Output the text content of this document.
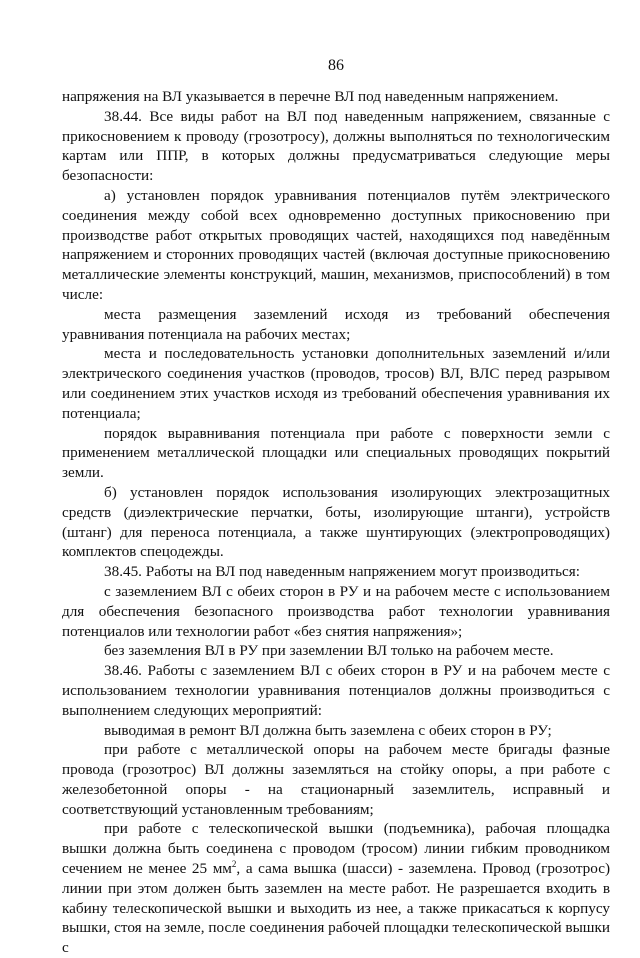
86

напряжения на ВЛ указывается в перечне ВЛ под наведенным напряжением.

38.44. Все виды работ на ВЛ под наведенным напряжением, связанные с прикосновением к проводу (грозотросу), должны выполняться по технологическим картам или ППР, в которых должны предусматриваться следующие меры безопасности:

а) установлен порядок уравнивания потенциалов путём электрического соединения между собой всех одновременно доступных прикосновению при производстве работ открытых проводящих частей, находящихся под наведённым напряжением и сторонних проводящих частей (включая доступные прикосновению металлические элементы конструкций, машин, механизмов, приспособлений) в том числе:

места размещения заземлений исходя из требований обеспечения уравнивания потенциала на рабочих местах;

места и последовательность установки дополнительных заземлений и/или электрического соединения участков (проводов, тросов) ВЛ, ВЛС перед разрывом или соединением этих участков исходя из требований обеспечения уравнивания их потенциала;

порядок выравнивания потенциала при работе с поверхности земли с применением металлической площадки или специальных проводящих покрытий земли.

б) установлен порядок использования изолирующих электрозащитных средств (диэлектрические перчатки, боты, изолирующие штанги), устройств (штанг) для переноса потенциала, а также шунтирующих (электропроводящих) комплектов спецодежды.

38.45. Работы на ВЛ под наведенным напряжением могут производиться:

с заземлением ВЛ с обеих сторон в РУ и на рабочем месте с использованием для обеспечения безопасного производства работ технологии уравнивания потенциалов или технологии работ «без снятия напряжения»;

без заземления ВЛ в РУ при заземлении ВЛ только на рабочем месте.

38.46. Работы с заземлением ВЛ с обеих сторон в РУ и на рабочем месте с использованием технологии уравнивания потенциалов должны производиться с выполнением следующих мероприятий:

выводимая в ремонт ВЛ должна быть заземлена с обеих сторон в РУ;

при работе с металлической опоры на рабочем месте бригады фазные провода (грозотрос) ВЛ должны заземляться на стойку опоры, а при работе с железобетонной опоры - на стационарный заземлитель, исправный и соответствующий установленным требованиям;

при работе с телескопической вышки (подъемника), рабочая площадка вышки должна быть соединена с проводом (тросом) линии гибким проводником сечением не менее 25 $мм^2$, а сама вышка (шасси) - заземлена. Провод (грозотрос) линии при этом должен быть заземлен на месте работ. Не разрешается входить в кабину телескопической вышки и выходить из нее, а также прикасаться к корпусу вышки, стоя на земле, после соединения рабочей площадки телескопической вышки с
